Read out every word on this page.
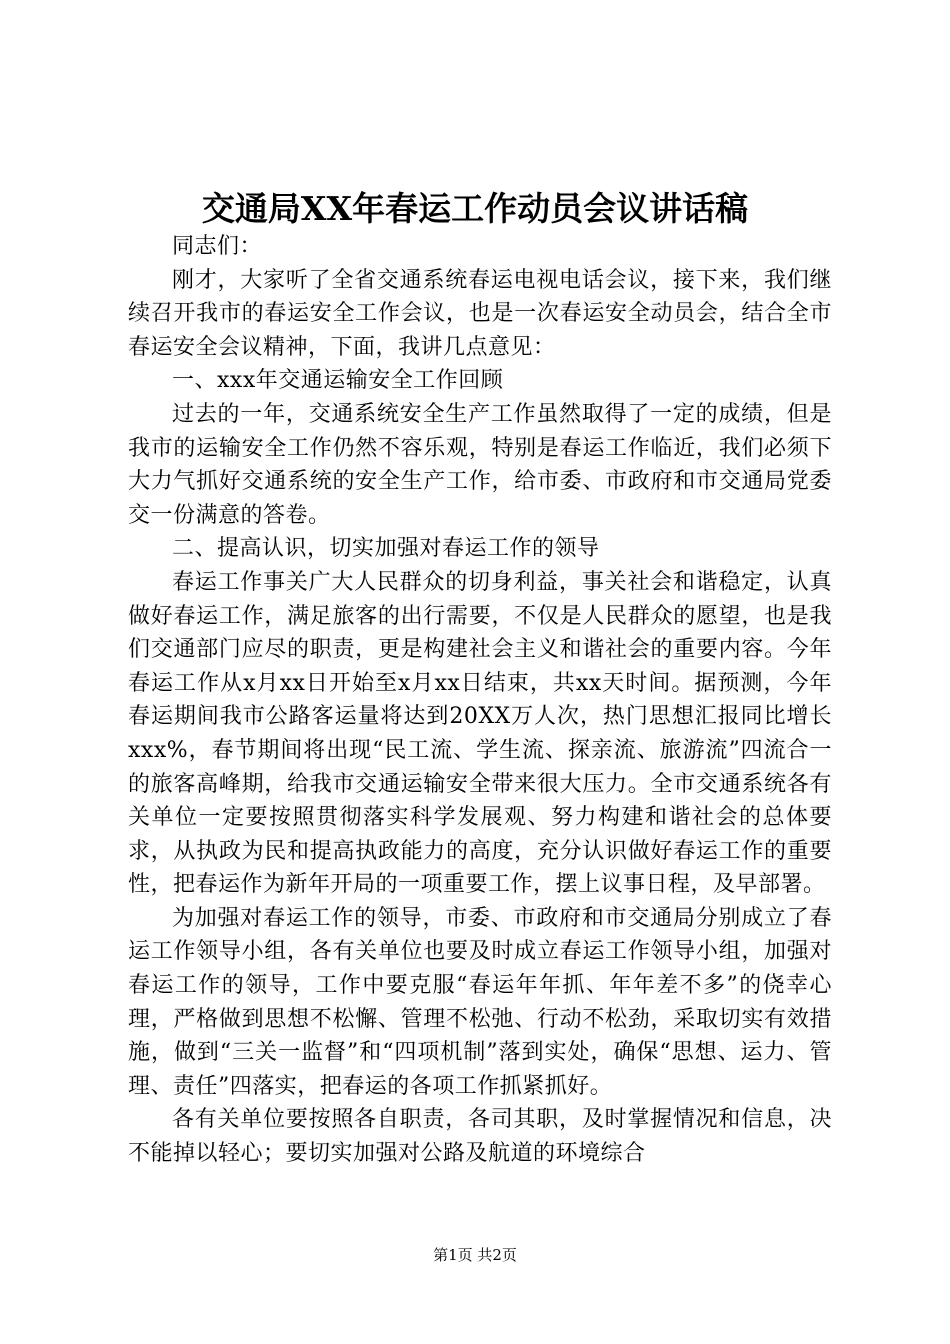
交通局XX年春运工作动员会议讲话稿

同志们：

刚才，大家听了全省交通系统春运电视电话会议，接下来，我们继续召开我市的春运安全工作会议，也是一次春运安全动员会，结合全市春运安全会议精神，下面，我讲几点意见：

一、xxx年交通运输安全工作回顾

过去的一年，交通系统安全生产工作虽然取得了一定的成绩，但是我市的运输安全工作仍然不容乐观，特别是春运工作临近，我们必须下大力气抓好交通系统的安全生产工作，给市委、市政府和市交通局党委交一份满意的答卷。

二、提高认识，切实加强对春运工作的领导

春运工作事关广大人民群众的切身利益，事关社会和谐稳定，认真做好春运工作，满足旅客的出行需要，不仅是人民群众的愿望，也是我们交通部门应尽的职责，更是构建社会主义和谐社会的重要内容。今年春运工作从x月xx日开始至x月xx日结束，共xx天时间。据预测，今年春运期间我市公路客运量将达到20XX万人次，热门思想汇报同比增长xxx%，春节期间将出现“民工流、学生流、探亲流、旅游流”四流合一的旅客高峰期，给我市交通运输安全带来很大压力。全市交通系统各有关单位一定要按照贯彻落实科学发展观、努力构建和谐社会的总体要求，从执政为民和提高执政能力的高度，充分认识做好春运工作的重要性，把春运作为新年开局的一项重要工作，摆上议事日程，及早部署。

为加强对春运工作的领导，市委、市政府和市交通局分别成立了春运工作领导小组，各有关单位也要及时成立春运工作领导小组，加强对春运工作的领导，工作中要克服“春运年年抓、年年差不多”的侥幸心理，严格做到思想不松懈、管理不松弛、行动不松劲，采取切实有效措施，做到“三关一监督”和“四项机制”落到实处，确保“思想、运力、管理、责任”四落实，把春运的各项工作抓紧抓好。

各有关单位要按照各自职责，各司其职，及时掌握情况和信息，决不能掉以轻心；要切实加强对公路及航道的环境综合

第1页 共2页
